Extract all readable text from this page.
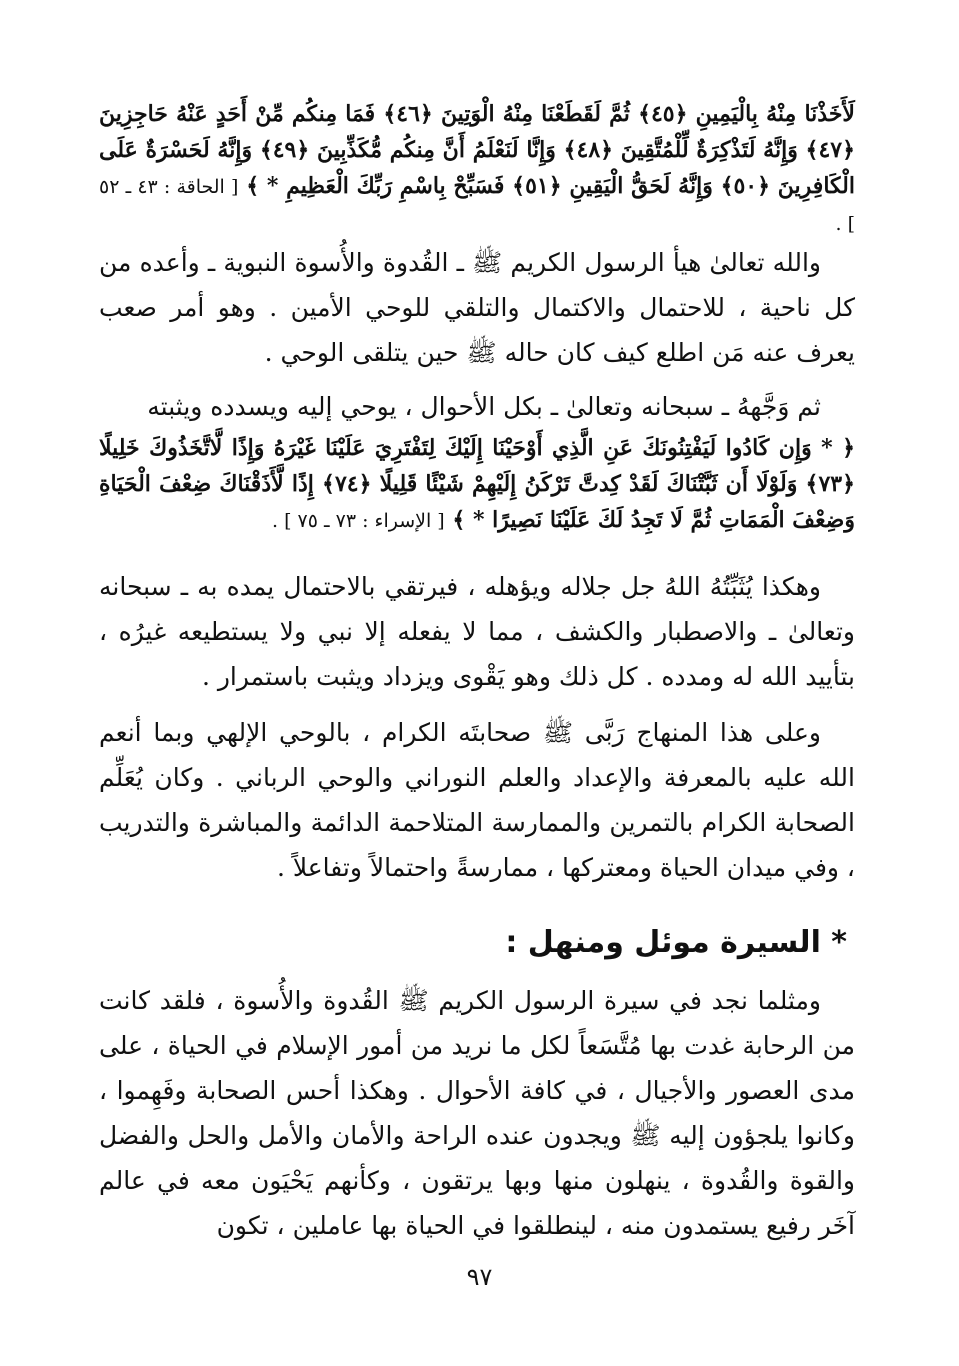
لَأَخَذْنَا مِنْهُ بِالْيَمِينِ ﴿٤٥﴾ ثُمَّ لَقَطَعْنَا مِنْهُ الْوَتِينَ ﴿٤٦﴾ فَمَا مِنكُم مِّنْ أَحَدٍ عَنْهُ حَاجِزِينَ ﴿٤٧﴾ وَإِنَّهُ لَتَذْكِرَةٌ لِّلْمُتَّقِينَ ﴿٤٨﴾ وَإِنَّا لَنَعْلَمُ أَنَّ مِنكُم مُّكَذِّبِينَ ﴿٤٩﴾ وَإِنَّهُ لَحَسْرَةٌ عَلَى الْكَافِرِينَ ﴿٥٠﴾ وَإِنَّهُ لَحَقُّ الْيَقِينِ ﴿٥١﴾ فَسَبِّحْ بِاسْمِ رَبِّكَ الْعَظِيمِ * ﴾ [ الحاقة : ٤٣ ـ ٥٢ ] .

والله تعالىٰ هيأ الرسول الكريم ﷺ ـ القُدوة والأُسوة النبوية ـ وأعده من كل ناحية ، للاحتمال والاكتمال والتلقي للوحي الأمين . وهو أمر صعب يعرف عنه مَن اطلع كيف كان حاله ﷺ حين يتلقى الوحي .

ثم وَجَّههُ ـ سبحانه وتعالىٰ ـ بكل الأحوال ، يوحي إليه ويسدده ويثبته

﴿ * وَإِن كَادُوا لَيَفْتِنُونَكَ عَنِ الَّذِي أَوْحَيْنَا إِلَيْكَ لِتَفْتَرِيَ عَلَيْنَا غَيْرَهُ وَإِذًا لَّاتَّخَذُوكَ خَلِيلًا ﴿٧٣﴾ وَلَوْلَا أَن ثَبَّتْنَاكَ لَقَدْ كِدتَّ تَرْكَنُ إِلَيْهِمْ شَيْئًا قَلِيلًا ﴿٧٤﴾ إِذًا لَّأَذَقْنَاكَ ضِعْفَ الْحَيَاةِ وَضِعْفَ الْمَمَاتِ ثُمَّ لَا تَجِدُ لَكَ عَلَيْنَا نَصِيرًا * ﴾ [ الإسراء : ٧٣ ـ ٧٥ ] .

وهكذا يُثَبِّتُهُ اللهُ جل جلاله ويؤهله ، فيرتقي بالاحتمال يمده به ـ سبحانه وتعالىٰ ـ والاصطبار والكشف ، مما لا يفعله إلا نبي ولا يستطيعه غيرُه ، بتأييد الله له ومدده . كل ذلك وهو يَقْوى ويزداد ويثبت باستمرار .

وعلى هذا المنهاج رَبَّى ﷺ صحابتَه الكرام ، بالوحي الإلهي وبما أنعم الله عليه بالمعرفة والإعداد والعلم النوراني والوحي الرباني . وكان يُعَلِّم الصحابة الكرام بالتمرين والممارسة المتلاحمة الدائمة والمباشرة والتدريب ، وفي ميدان الحياة ومعتركها ، ممارسةً واحتمالاً وتفاعلاً .

* السيرة موئل ومنهل :

ومثلما نجد في سيرة الرسول الكريم ﷺ القُدوة والأُسوة ، فلقد كانت من الرحابة غدت بها مُتَّسَعاً لكل ما نريد من أمور الإسلام في الحياة ، على مدى العصور والأجيال ، في كافة الأحوال . وهكذا أحس الصحابة وفَهِموا ، وكانوا يلجؤون إليه ﷺ ويجدون عنده الراحة والأمان والأمل والحل والفضل والقوة والقُدوة ، ينهلون منها وبها يرتقون ، وكأنهم يَحْيَون معه في عالم آخَر رفيع يستمدون منه ، لينطلقوا في الحياة بها عاملين ، تكون

٩٧
